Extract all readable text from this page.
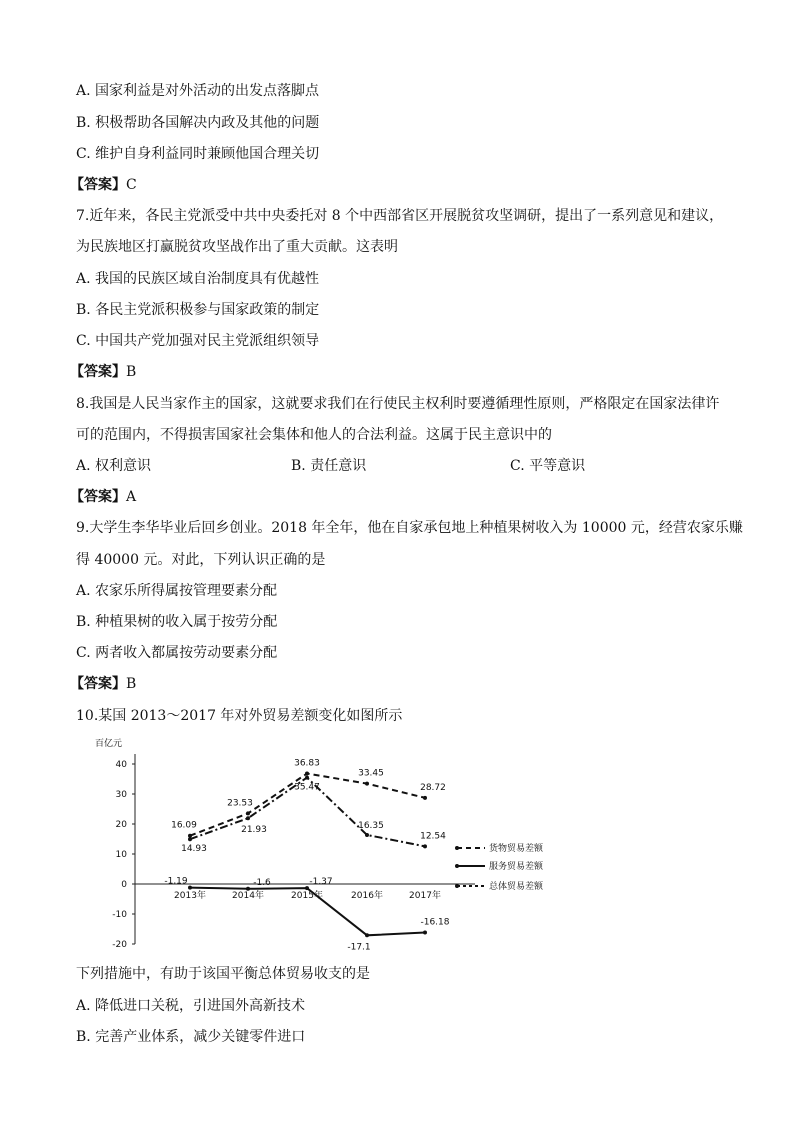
A. 国家利益是对外活动的出发点落脚点
B. 积极帮助各国解决内政及其他的问题
C. 维护自身利益同时兼顾他国合理关切
【答案】C
7.近年来，各民主党派受中共中央委托对 8 个中西部省区开展脱贫攻坚调研，提出了一系列意见和建议，
为民族地区打赢脱贫攻坚战作出了重大贡献。这表明
A. 我国的民族区域自治制度具有优越性
B. 各民主党派积极参与国家政策的制定
C. 中国共产党加强对民主党派组织领导
【答案】B
8.我国是人民当家作主的国家，这就要求我们在行使民主权利时要遵循理性原则，严格限定在国家法律许
可的范围内，不得损害国家社会集体和他人的合法利益。这属于民主意识中的
A. 权利意识	B. 责任意识	C. 平等意识
【答案】A
9.大学生李华毕业后回乡创业。2018 年全年，他在自家承包地上种植果树收入为 10000 元，经营农家乐赚
得 40000 元。对此，下列认识正确的是
A. 农家乐所得属按管理要素分配
B. 种植果树的收入属于按劳分配
C. 两者收入都属按劳动要素分配
【答案】B
10.某国 2013～2017 年对外贸易差额变化如图所示
百亿元
40
30
20
10
0
-10
-20
2013年	2014年	2015年	2016年	2017年
16.09
23.53
36.83
33.45
28.72
-1.19	-1.6	-1.37
-17.1
-16.18
14.93
21.93
35.47
16.35
12.54
货物贸易差额
服务贸易差额
总体贸易差额
下列措施中，有助于该国平衡总体贸易收支的是
A. 降低进口关税，引进国外高新技术
B. 完善产业体系，减少关键零件进口
